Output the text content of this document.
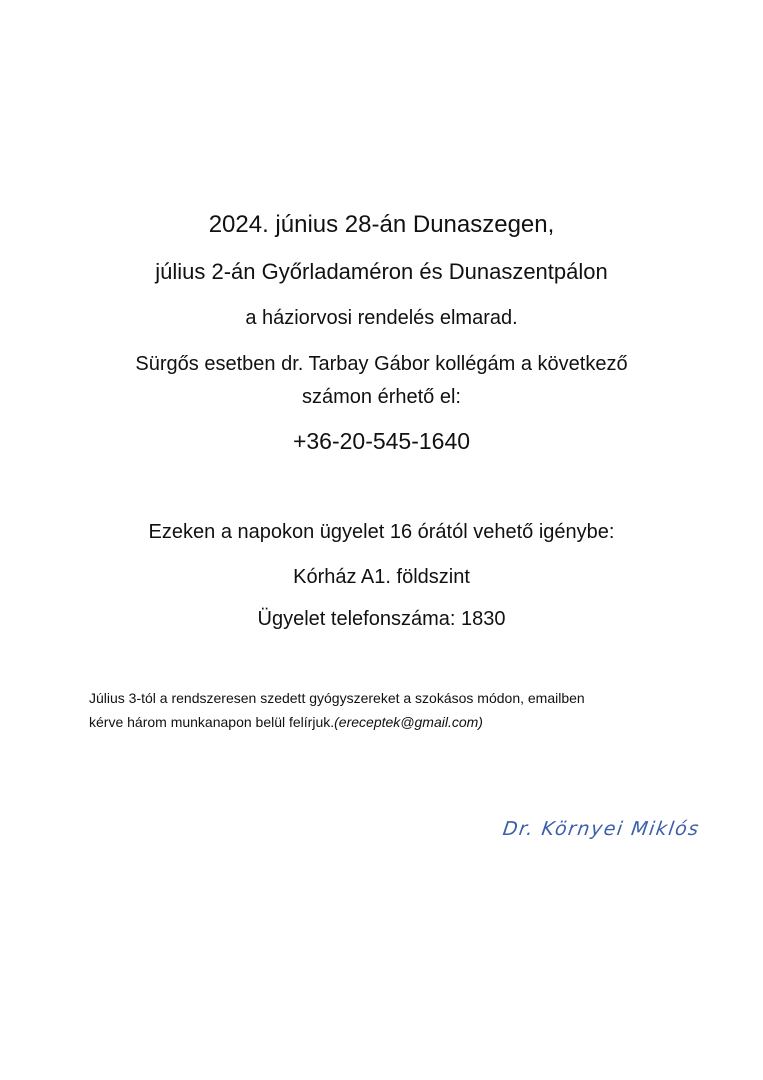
2024. június 28-án Dunaszegen,
július 2-án Győrladaméron és Dunaszentpálon
a háziorvosi rendelés elmarad.
Sürgős esetben dr. Tarbay Gábor kollégám a következő
számon érhető el:
+36-20-545-1640
Ezeken a napokon ügyelet 16 órától vehető igénybe:
Kórház A1. földszint
Ügyelet telefonszáma: 1830
Július 3-tól a rendszeresen szedett gyógyszereket a szokásos módon, emailben
kérve három munkanapon belül felírjuk.(ereceptek@gmail.com)
Dr. Környei Miklós
